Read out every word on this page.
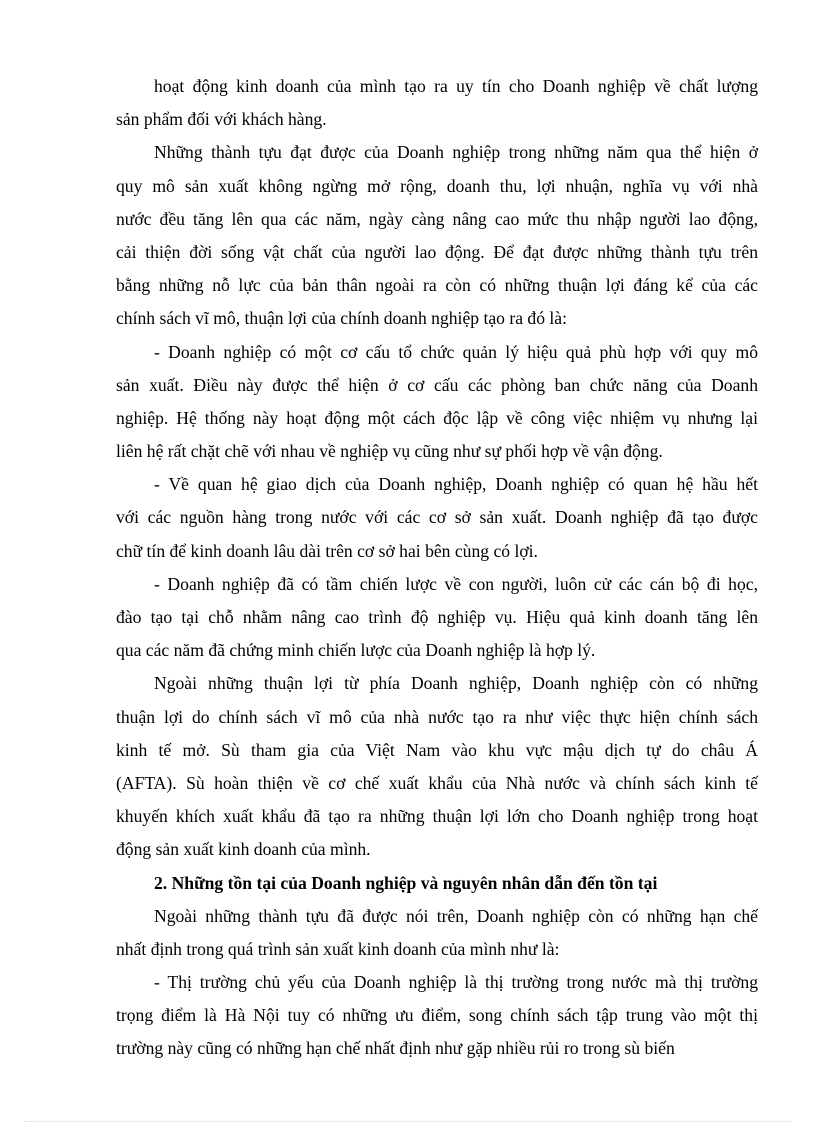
hoạt động kinh doanh của mình tạo ra uy tín cho Doanh nghiệp về chất lượng
sản phẩm đối với khách hàng.
Những thành tựu đạt được của Doanh nghiệp trong những năm qua thể hiện ở
quy mô sản xuất không ngừng mở rộng, doanh thu, lợi nhuận, nghĩa vụ với nhà
nước đều tăng lên qua các năm, ngày càng nâng cao mức thu nhập người lao động,
cải thiện đời sống vật chất của người lao động. Để đạt được những thành tựu trên
bằng những nỗ lực của bản thân ngoài ra còn có những thuận lợi đáng kể của các
chính sách vĩ mô, thuận lợi của chính doanh nghiệp tạo ra đó là:
- Doanh nghiệp có một cơ cấu tổ chức quản lý hiệu quả phù hợp với quy mô
sản xuất. Điều này được thể hiện ở cơ cấu các phòng ban chức năng của Doanh
nghiệp. Hệ thống này hoạt động một cách độc lập về công việc nhiệm vụ nhưng lại
liên hệ rất chặt chẽ với nhau về nghiệp vụ cũng như sự phối hợp về vận động.
- Về quan hệ giao dịch của Doanh nghiệp, Doanh nghiệp có quan hệ hầu hết
với các nguồn hàng trong nước với các cơ sở sản xuất. Doanh nghiệp đã tạo được
chữ tín để kinh doanh lâu dài trên cơ sở hai bên cùng có lợi.
- Doanh nghiệp đã có tầm chiến lược về con người, luôn cử các cán bộ đi học,
đào tạo tại chỗ nhằm nâng cao trình độ nghiệp vụ. Hiệu quả kinh doanh tăng lên
qua các năm đã chứng minh chiến lược của Doanh nghiệp là hợp lý.
Ngoài những thuận lợi từ phía Doanh nghiệp, Doanh nghiệp còn có những
thuận lợi do chính sách vĩ mô của nhà nước tạo ra như việc thực hiện chính sách
kinh tế mở. Sù tham gia của Việt Nam vào khu vực mậu dịch tự do châu Á
(AFTA). Sù hoàn thiện về cơ chế xuất khẩu của Nhà nước và chính sách kinh tế
khuyến khích xuất khẩu đã tạo ra những thuận lợi lớn cho Doanh nghiệp trong hoạt
động sản xuất kinh doanh của mình.
2. Những tồn tại của Doanh nghiệp và nguyên nhân dẫn đến tồn tại
Ngoài những thành tựu đã được nói trên, Doanh nghiệp còn có những hạn chế
nhất định trong quá trình sản xuất kinh doanh của mình như là:
- Thị trường chủ yếu của Doanh nghiệp là thị trường trong nước mà thị trường
trọng điểm là Hà Nội tuy có những ưu điểm, song chính sách tập trung vào một thị
trường này cũng có những hạn chế nhất định như gặp nhiều rủi ro trong sù biến
